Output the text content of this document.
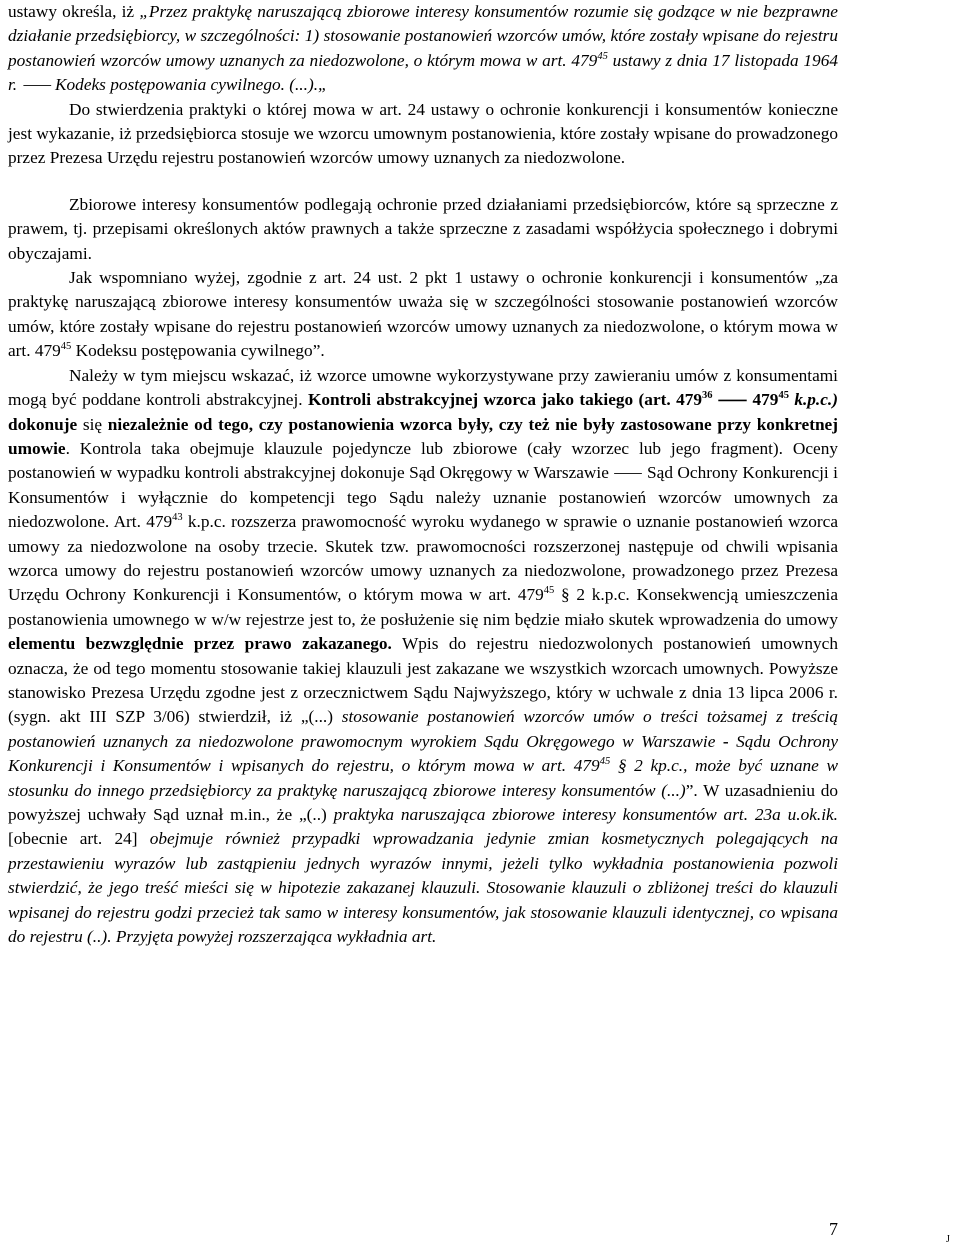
ustawy określa, iż „Przez praktykę naruszającą zbiorowe interesy konsumentów rozumie się godzące w nie bezprawne działanie przedsiębiorcy, w szczególności: 1) stosowanie postanowień wzorców umów, które zostały wpisane do rejestru postanowień wzorców umowy uznanych za niedozwolone, o którym mowa w art. $479^{45}$ ustawy z dnia 17 listopada 1964 r. ⸺ Kodeks postępowania cywilnego. (...).„

Do stwierdzenia praktyki o której mowa w art. 24 ustawy o ochronie konkurencji i konsumentów konieczne jest wykazanie, iż przedsiębiorca stosuje we wzorcu umownym postanowienia, które zostały wpisane do prowadzonego przez Prezesa Urzędu rejestru postanowień wzorców umowy uznanych za niedozwolone.

Zbiorowe interesy konsumentów podlegają ochronie przed działaniami przedsiębiorców, które są sprzeczne z prawem, tj. przepisami określonych aktów prawnych a także sprzeczne z zasadami współżycia społecznego i dobrymi obyczajami.

Jak wspomniano wyżej, zgodnie z art. 24 ust. 2 pkt 1 ustawy o ochronie konkurencji i konsumentów „za praktykę naruszającą zbiorowe interesy konsumentów uważa się w szczególności stosowanie postanowień wzorców umów, które zostały wpisane do rejestru postanowień wzorców umowy uznanych za niedozwolone, o którym mowa w art. $479^{45}$ Kodeksu postępowania cywilnego”.

Należy w tym miejscu wskazać, iż wzorce umowne wykorzystywane przy zawieraniu umów z konsumentami mogą być poddane kontroli abstrakcyjnej. Kontroli abstrakcyjnej wzorca jako takiego (art. $479^{36}$ ⸺ $479^{45}$ k.p.c.) dokonuje się niezależnie od tego, czy postanowienia wzorca były, czy też nie były zastosowane przy konkretnej umowie. Kontrola taka obejmuje klauzule pojedyncze lub zbiorowe (cały wzorzec lub jego fragment). Oceny postanowień w wypadku kontroli abstrakcyjnej dokonuje Sąd Okręgowy w Warszawie ⸺ Sąd Ochrony Konkurencji i Konsumentów i wyłącznie do kompetencji tego Sądu należy uznanie postanowień wzorców umownych za niedozwolone. Art. $479^{43}$ k.p.c. rozszerza prawomocność wyroku wydanego w sprawie o uznanie postanowień wzorca umowy za niedozwolone na osoby trzecie. Skutek tzw. prawomocności rozszerzonej następuje od chwili wpisania wzorca umowy do rejestru postanowień wzorców umowy uznanych za niedozwolone, prowadzonego przez Prezesa Urzędu Ochrony Konkurencji i Konsumentów, o którym mowa w art. $479^{45}$ § 2 k.p.c. Konsekwencją umieszczenia postanowienia umownego w w/w rejestrze jest to, że posłużenie się nim będzie miało skutek wprowadzenia do umowy elementu bezwzględnie przez prawo zakazanego. Wpis do rejestru niedozwolonych postanowień umownych oznacza, że od tego momentu stosowanie takiej klauzuli jest zakazane we wszystkich wzorcach umownych. Powyższe stanowisko Prezesa Urzędu zgodne jest z orzecznictwem Sądu Najwyższego, który w uchwale z dnia 13 lipca 2006 r. (sygn. akt III SZP 3/06) stwierdził, iż „(...) stosowanie postanowień wzorców umów o treści tożsamej z treścią postanowień uznanych za niedozwolone prawomocnym wyrokiem Sądu Okręgowego w Warszawie - Sądu Ochrony Konkurencji i Konsumentów i wpisanych do rejestru, o którym mowa w art. $479^{45}$ § 2 kp.c., może być uznane w stosunku do innego przedsiębiorcy za praktykę naruszającą zbiorowe interesy konsumentów (...)”. W uzasadnieniu do powyższej uchwały Sąd uznał m.in., że „(..) praktyka naruszająca zbiorowe interesy konsumentów art. 23a u.ok.ik. [obecnie art. 24] obejmuje również przypadki wprowadzania jedynie zmian kosmetycznych polegających na przestawieniu wyrazów lub zastąpieniu jednych wyrazów innymi, jeżeli tylko wykładnia postanowienia pozwoli stwierdzić, że jego treść mieści się w hipotezie zakazanej klauzuli. Stosowanie klauzuli o zbliżonej treści do klauzuli wpisanej do rejestru godzi przecież tak samo w interesy konsumentów, jak stosowanie klauzuli identycznej, co wpisana do rejestru (..). Przyjęta powyżej rozszerzająca wykładnia art.

7
J
